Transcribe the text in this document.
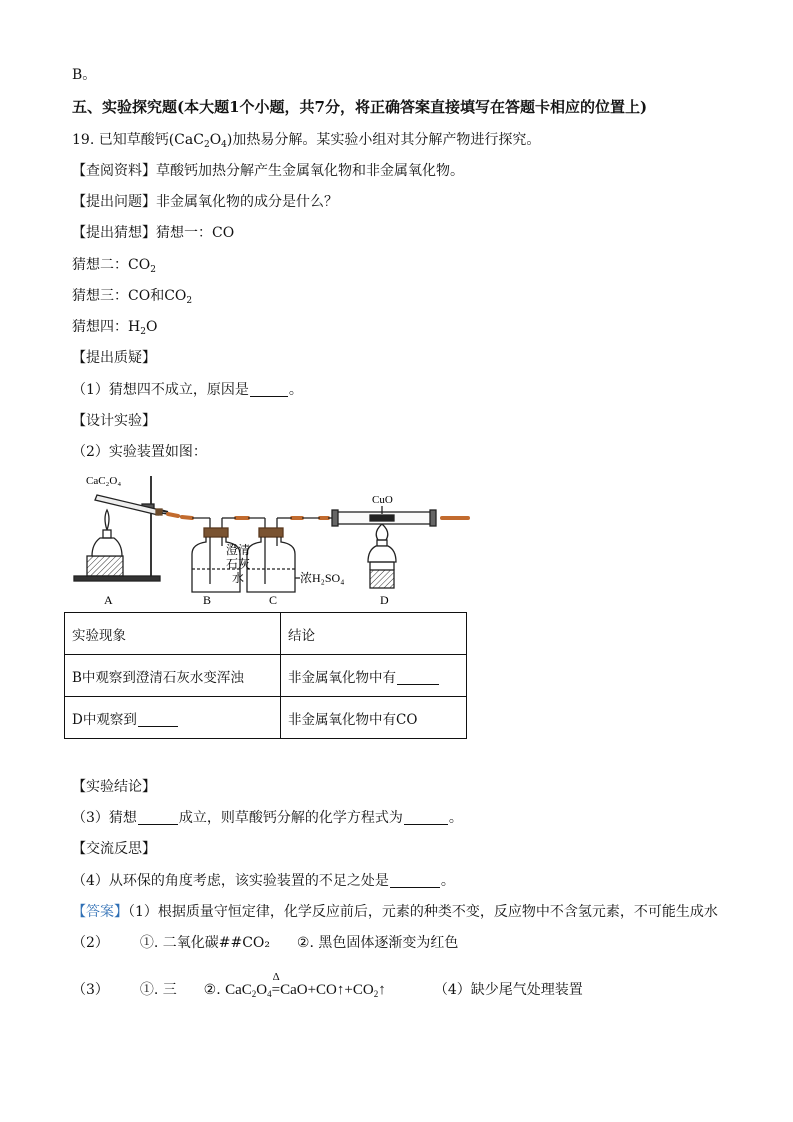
B。
五、实验探究题(本大题1个小题，共7分，将正确答案直接填写在答题卡相应的位置上)
19. 已知草酸钙$(CaC_2O_4)$加热易分解。某实验小组对其分解产物进行探究。
【查阅资料】草酸钙加热分解产生金属氧化物和非金属氧化物。
【提出问题】非金属氧化物的成分是什么？
【提出猜想】猜想一：CO
猜想二：$CO_2$
猜想三：CO和$CO_2$
猜想四：$H_2O$
【提出质疑】
（1）猜想四不成立，原因是	。
【设计实验】
（2）实验装置如图：
CaC₂O₄
CuO
澄清
石灰
水	浓H₂SO₄
A	B	C	D
实验现象	结论
B中观察到澄清石灰水变浑浊	非金属氧化物中有
D中观察到	非金属氧化物中有CO
【实验结论】
（3）猜想	成立，则草酸钙分解的化学方程式为	。
【交流反思】
（4）从环保的角度考虑，该实验装置的不足之处是	。
【答案】（1）根据质量守恒定律，化学反应前后，元素的种类不变，反应物中不含氢元素，不可能生成水
（2） ①. 二氧化碳##CO₂ ②. 黑色固体逐渐变为红色
（3） ①. 三 ②. $CaC_2O_4$
Δ
$=CaO+CO↑+CO_2↑$	（4）缺少尾气处理装置
